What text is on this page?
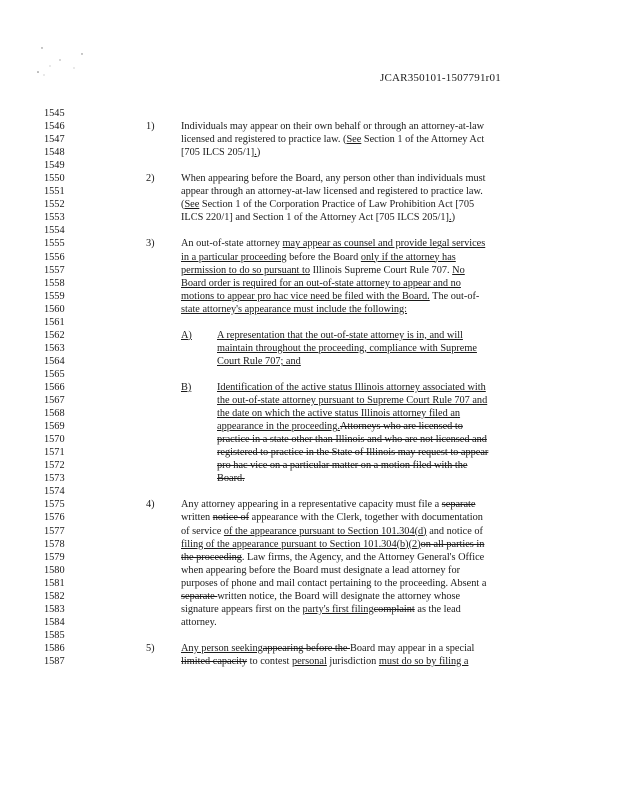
JCAR350101-1507791r01
1545
1546	1)	Individuals may appear on their own behalf or through an attorney-at-law
1547	licensed and registered to practice law. (See Section 1 of the Attorney Act
1548	[705 ILCS 205/1].)
1549
1550	2)	When appearing before the Board, any person other than individuals must
1551	appear through an attorney-at-law licensed and registered to practice law.
1552	(See Section 1 of the Corporation Practice of Law Prohibition Act [705
1553	ILCS 220/1] and Section 1 of the Attorney Act [705 ILCS 205/1].)
1554
1555	3)	An out-of-state attorney may appear as counsel and provide legal services
1556	in a particular proceeding before the Board only if the attorney has
1557	permission to do so pursuant to Illinois Supreme Court Rule 707. No
1558	Board order is required for an out-of-state attorney to appear and no
1559	motions to appear pro hac vice need be filed with the Board. The out-of-
1560	state attorney's appearance must include the following:
1561
1562	A) A representation that the out-of-state attorney is in, and will
1563	maintain throughout the proceeding, compliance with Supreme
1564	Court Rule 707; and
1565
1566	B) Identification of the active status Illinois attorney associated with
1567	the out-of-state attorney pursuant to Supreme Court Rule 707 and
1568	the date on which the active status Illinois attorney filed an
1569	appearance in the proceeding.Attorneys who are licensed to
1570	practice in a state other than Illinois and who are not licensed and
1571	registered to practice in the State of Illinois may request to appear
1572	pro hac vice on a particular matter on a motion filed with the
1573	Board.
1574
1575	4)	Any attorney appearing in a representative capacity must file a separate
1576	written notice of appearance with the Clerk, together with documentation
1577	of service of the appearance pursuant to Section 101.304(d) and notice of
1578	filing of the appearance pursuant to Section 101.304(b)(2)on all parties in
1579	the proceeding. Law firms, the Agency, and the Attorney General's Office
1580	when appearing before the Board must designate a lead attorney for
1581	purposes of phone and mail contact pertaining to the proceeding. Absent a
1582	separate written notice, the Board will designate the attorney whose
1583	signature appears first on the party's first filingcomplaint as the lead
1584	attorney.
1585
1586	5)	Any person seekingappearing before the Board may appear in a special
1587	limited capacity to contest personal jurisdiction must do so by filing a
